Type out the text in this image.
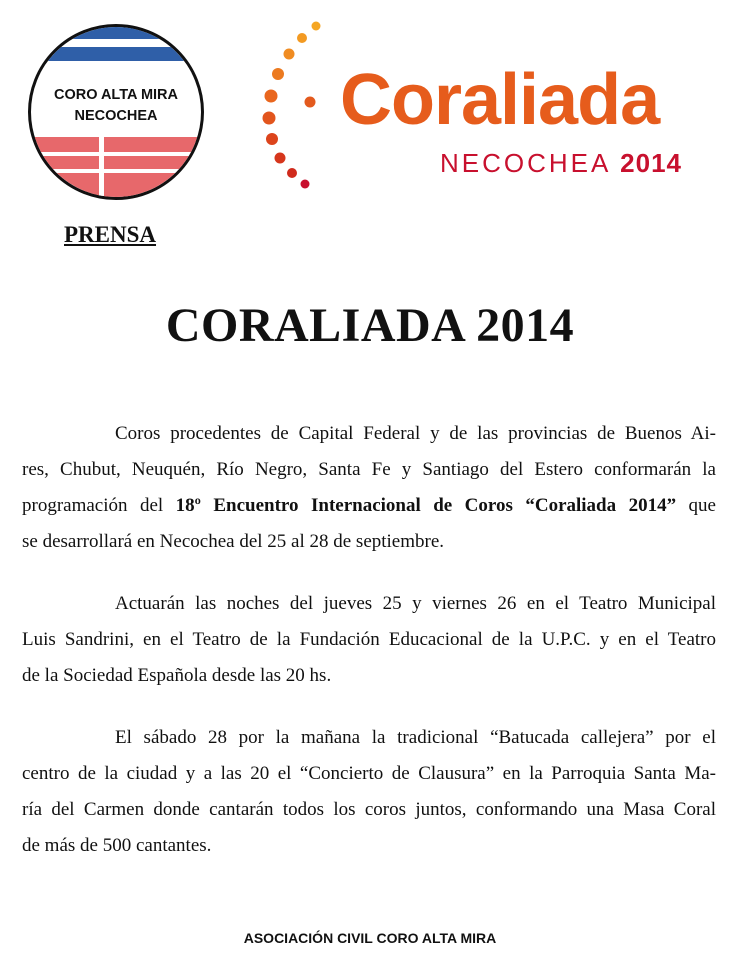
CORO ALTA MIRA
NECOCHEA	Coraliada
NECOCHEA 2014
PRENSA
CORALIADA 2014
Coros procedentes de Capital Federal y de las provincias de Buenos Ai-
res, Chubut, Neuquén, Río Negro, Santa Fe y Santiago del Estero conformarán la
programación del 18º Encuentro Internacional de Coros “Coraliada 2014” que
se desarrollará en Necochea del 25 al 28 de septiembre.
Actuarán las noches del jueves 25 y viernes 26 en el Teatro Municipal
Luis Sandrini, en el Teatro de la Fundación Educacional de la U.P.C. y en el Teatro
de la Sociedad Española desde las 20 hs.
El sábado 28 por la mañana la tradicional “Batucada callejera” por el
centro de la ciudad y a las 20 el “Concierto de Clausura” en la Parroquia Santa Ma-
ría del Carmen donde cantarán todos los coros juntos, conformando una Masa Coral
de más de 500 cantantes.
ASOCIACIÓN CIVIL CORO ALTA MIRA
